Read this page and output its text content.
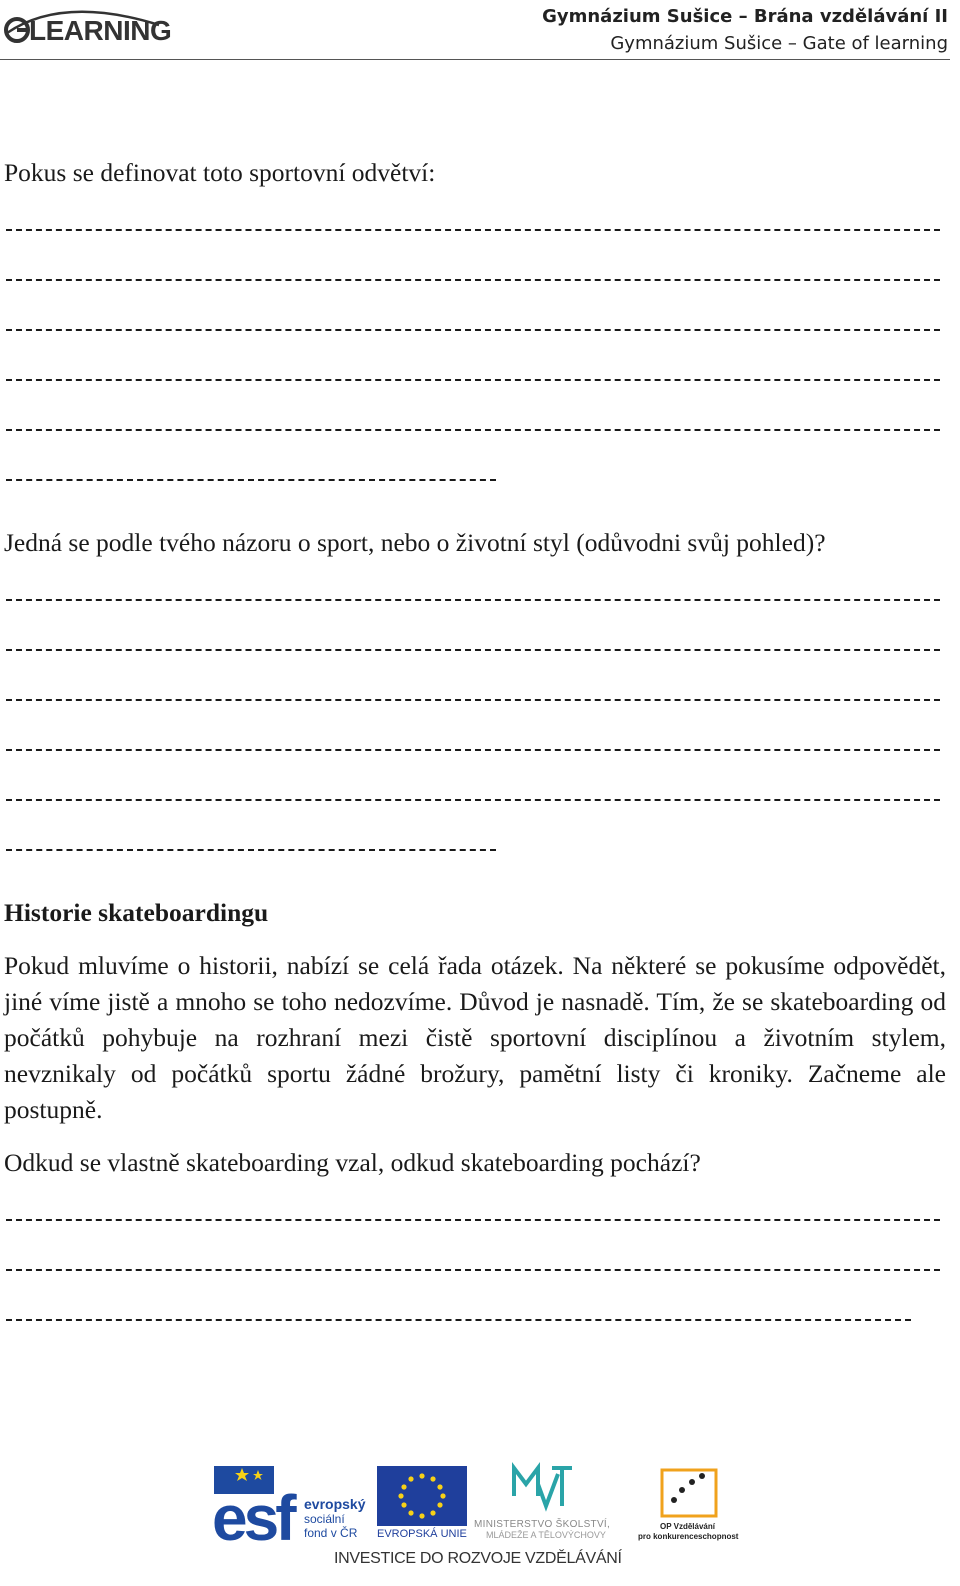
LEARNING	Gymnázium Sušice – Brána vzdělávání II
Gymnázium Sušice – Gate of learning

Pokus se definovat toto sportovní odvětví:

Jedná se podle tvého názoru o sport, nebo o životní styl (odůvodni svůj pohled)?

Historie skateboardingu

Pokud mluvíme o historii, nabízí se celá řada otázek. Na některé se pokusíme odpovědět, jiné víme jistě a mnoho se toho nedozvíme. Důvod je nasnadě. Tím, že se skateboarding od počátků pohybuje na rozhraní mezi čistě sportovní disciplínou a životním stylem, nevznikaly od počátků sportu žádné brožury, pamětní listy či kroniky. Začneme ale postupně.

Odkud se vlastně skateboarding vzal, odkud skateboarding pochází?

esf evropský
sociální
fond v ČR EVROPSKÁ UNIE
MINISTERSTVO ŠKOLSTVÍ,
MLÁDEŽE A TĚLOVÝCHOVY
OP Vzdělávání
pro konkurenceschopnost
INVESTICE DO ROZVOJE VZDĚLÁVÁNÍ
